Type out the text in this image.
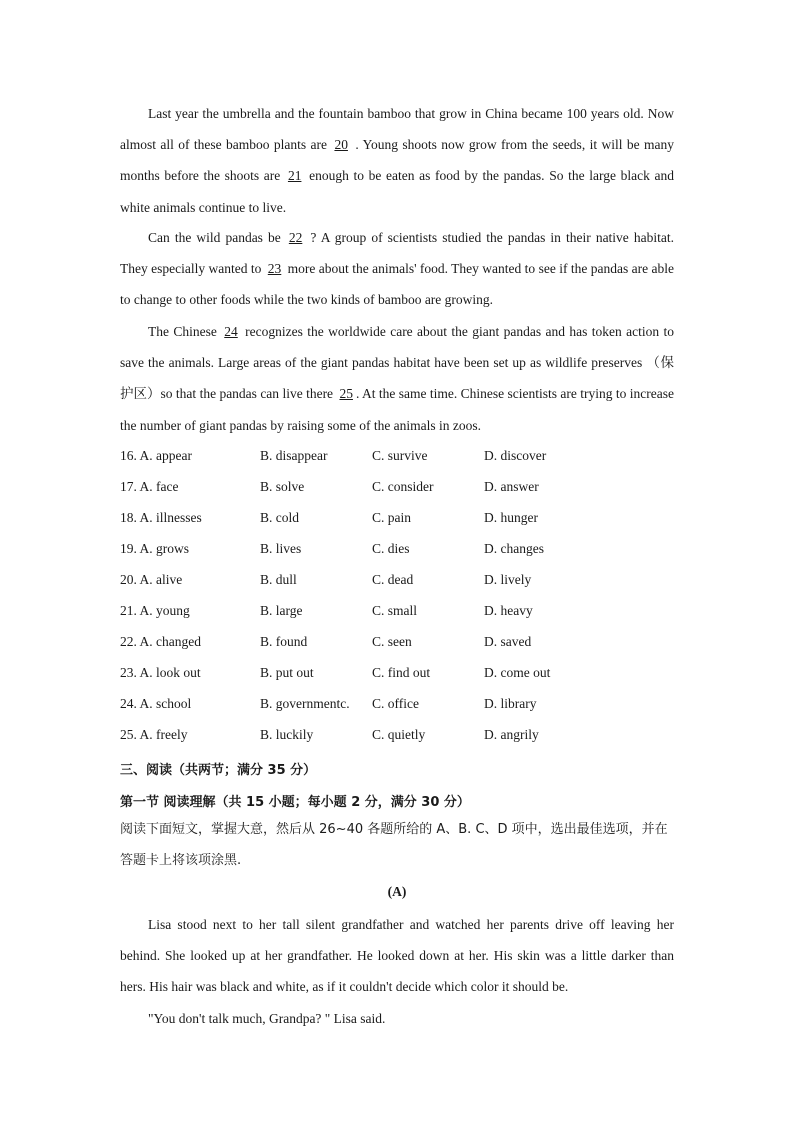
Last year the umbrella and the fountain bamboo that grow in China became 100 years old. Now almost all of these bamboo plants are 20 . Young shoots now grow from the seeds, it will be many months before the shoots are 21 enough to be eaten as food by the pandas. So the large black and white animals continue to live.
Can the wild pandas be 22 ? A group of scientists studied the pandas in their native habitat. They especially wanted to 23 more about the animals' food. They wanted to see if the pandas are able to change to other foods while the two kinds of bamboo are growing.
The Chinese 24 recognizes the worldwide care about the giant pandas and has token action to save the animals. Large areas of the giant pandas habitat have been set up as wildlife preserves （保护区）so that the pandas can live there 25 . At the same time. Chinese scientists are trying to increase the number of giant pandas by raising some of the animals in zoos.
16. A. appear	B. disappear	C. survive	D. discover
17. A. face	B. solve	C. consider	D. answer
18. A. illnesses	B. cold	C. pain	D. hunger
19. A. grows	B. lives	C. dies	D. changes
20. A. alive	B. dull	C. dead	D. lively
21. A. young	B. large	C. small	D. heavy
22. A. changed	B. found	C. seen	D. saved
23. A. look out	B. put out	C. find out	D. come out
24. A. school	B. governmentc. C. office	D. library
25. A. freely	B. luckily	C. quietly	D. angrily
三、阅读（共两节；满分 35 分）
第一节 阅读理解（共 15 小题；每小题 2 分，满分 30 分）
阅读下面短文，掌握大意，然后从 26~40 各题所给的 A、B. C、D 项中，选出最佳选项，并在答题卡上将该项涂黑.
(A)
Lisa stood next to her tall silent grandfather and watched her parents drive off leaving her behind. She looked up at her grandfather. He looked down at her. His skin was a little darker than hers. His hair was black and white, as if it couldn't decide which color it should be.
"You don't talk much, Grandpa? " Lisa said.
